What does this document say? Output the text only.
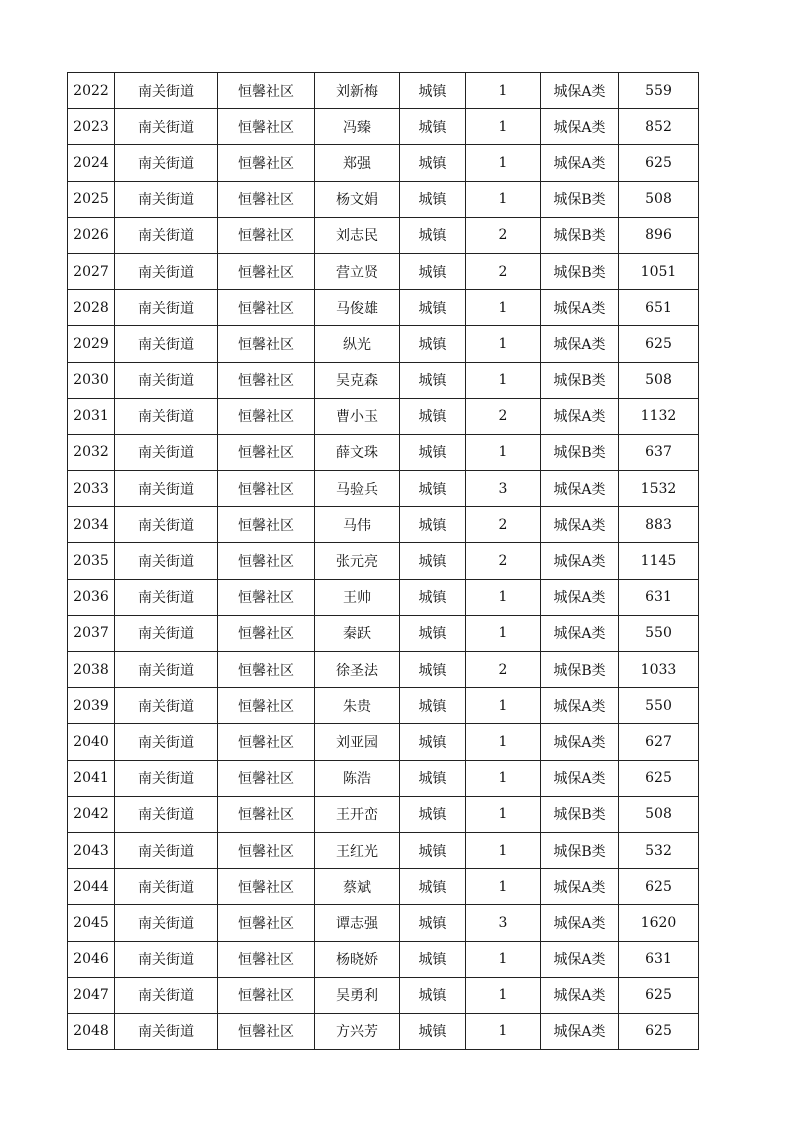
2022	南关街道	恒馨社区	刘新梅	城镇	1	城保A类	559
2023	南关街道	恒馨社区	冯臻	城镇	1	城保A类	852
2024	南关街道	恒馨社区	郑强	城镇	1	城保A类	625
2025	南关街道	恒馨社区	杨文娟	城镇	1	城保B类	508
2026	南关街道	恒馨社区	刘志民	城镇	2	城保B类	896
2027	南关街道	恒馨社区	营立贤	城镇	2	城保B类	1051
2028	南关街道	恒馨社区	马俊雄	城镇	1	城保A类	651
2029	南关街道	恒馨社区	纵光	城镇	1	城保A类	625
2030	南关街道	恒馨社区	吴克森	城镇	1	城保B类	508
2031	南关街道	恒馨社区	曹小玉	城镇	2	城保A类	1132
2032	南关街道	恒馨社区	薛文珠	城镇	1	城保B类	637
2033	南关街道	恒馨社区	马验兵	城镇	3	城保A类	1532
2034	南关街道	恒馨社区	马伟	城镇	2	城保A类	883
2035	南关街道	恒馨社区	张元亮	城镇	2	城保A类	1145
2036	南关街道	恒馨社区	王帅	城镇	1	城保A类	631
2037	南关街道	恒馨社区	秦跃	城镇	1	城保A类	550
2038	南关街道	恒馨社区	徐圣法	城镇	2	城保B类	1033
2039	南关街道	恒馨社区	朱贵	城镇	1	城保A类	550
2040	南关街道	恒馨社区	刘亚园	城镇	1	城保A类	627
2041	南关街道	恒馨社区	陈浩	城镇	1	城保A类	625
2042	南关街道	恒馨社区	王开峦	城镇	1	城保B类	508
2043	南关街道	恒馨社区	王红光	城镇	1	城保B类	532
2044	南关街道	恒馨社区	蔡斌	城镇	1	城保A类	625
2045	南关街道	恒馨社区	谭志强	城镇	3	城保A类	1620
2046	南关街道	恒馨社区	杨晓娇	城镇	1	城保A类	631
2047	南关街道	恒馨社区	吴勇利	城镇	1	城保A类	625
2048	南关街道	恒馨社区	方兴芳	城镇	1	城保A类	625
